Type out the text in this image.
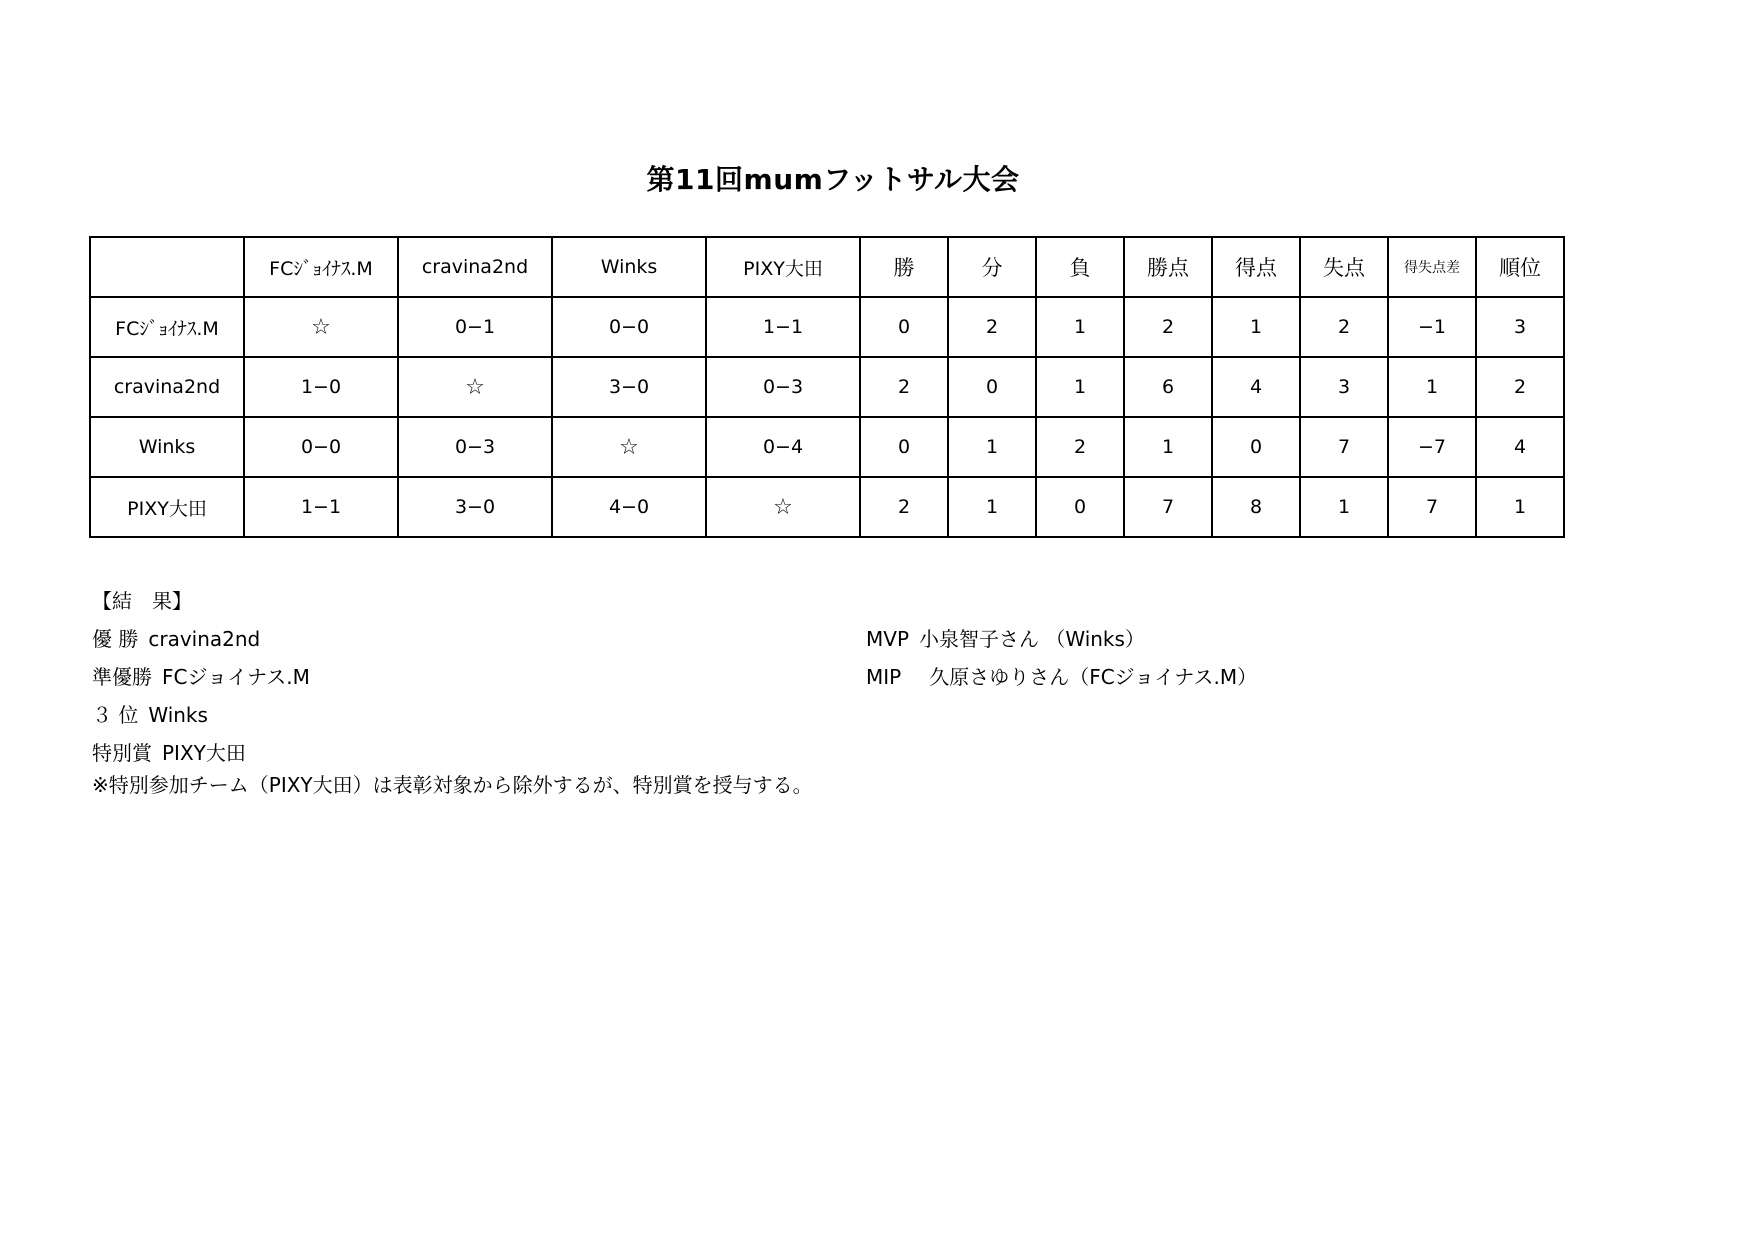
第11回mumフットサル大会
	FCｼﾞｮｲﾅｽ.M	cravina2nd	Winks	PIXY大田	勝	分	負	勝点	得点	失点	得失点差	順位
FCｼﾞｮｲﾅｽ.M	☆	0−1	0−0	1−1	0	2	1	2	1	2	−1	3
cravina2nd	1−0	☆	3−0	0−3	2	0	1	6	4	3	1	2
Winks	0−0	0−3	☆	0−4	0	1	2	1	0	7	−7	4
PIXY大田	1−1	3−0	4−0	☆	2	1	0	7	8	1	7	1
【結　果】
優 勝 cravina2nd
準優勝 FCジョイナス.M
３ 位 Winks
特別賞 PIXY大田
※特別参加チーム（PIXY大田）は表彰対象から除外するが、特別賞を授与する。
MVP 小泉智子さん （Winks）
MIP 久原さゆりさん（FCジョイナス.M）
